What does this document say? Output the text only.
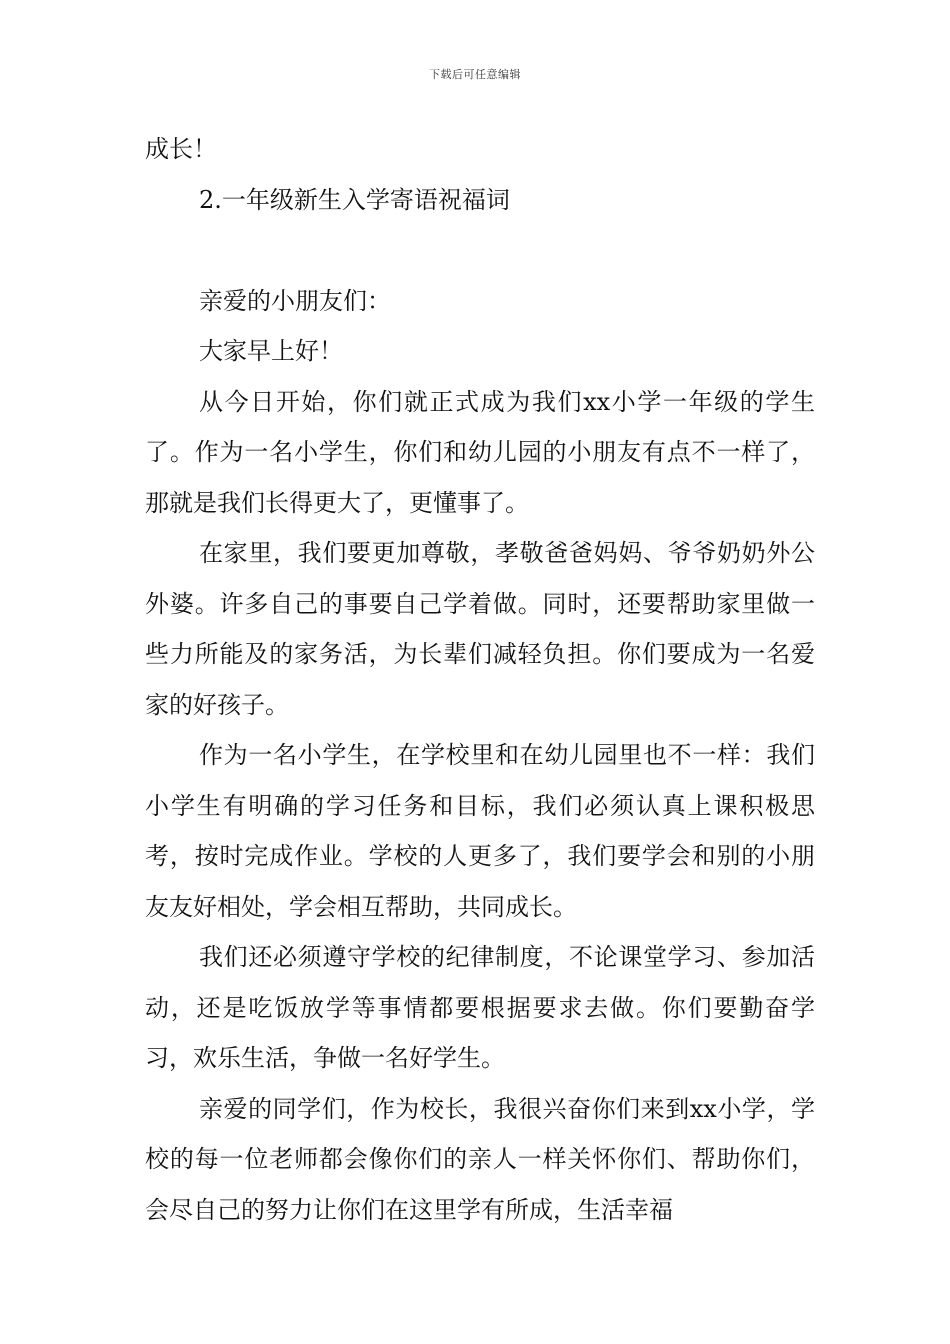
下载后可任意编辑

成长！

2.一年级新生入学寄语祝福词

亲爱的小朋友们：

大家早上好！

从今日开始，你们就正式成为我们xx小学一年级的学生了。作为一名小学生，你们和幼儿园的小朋友有点不一样了，那就是我们长得更大了，更懂事了。

在家里，我们要更加尊敬，孝敬爸爸妈妈、爷爷奶奶外公外婆。许多自己的事要自己学着做。同时，还要帮助家里做一些力所能及的家务活，为长辈们减轻负担。你们要成为一名爱家的好孩子。

作为一名小学生，在学校里和在幼儿园里也不一样：我们小学生有明确的学习任务和目标，我们必须认真上课积极思考，按时完成作业。学校的人更多了，我们要学会和别的小朋友友好相处，学会相互帮助，共同成长。

我们还必须遵守学校的纪律制度，不论课堂学习、参加活动，还是吃饭放学等事情都要根据要求去做。你们要勤奋学习，欢乐生活，争做一名好学生。

亲爱的同学们，作为校长，我很兴奋你们来到xx小学，学校的每一位老师都会像你们的亲人一样关怀你们、帮助你们，会尽自己的努力让你们在这里学有所成，生活幸福
